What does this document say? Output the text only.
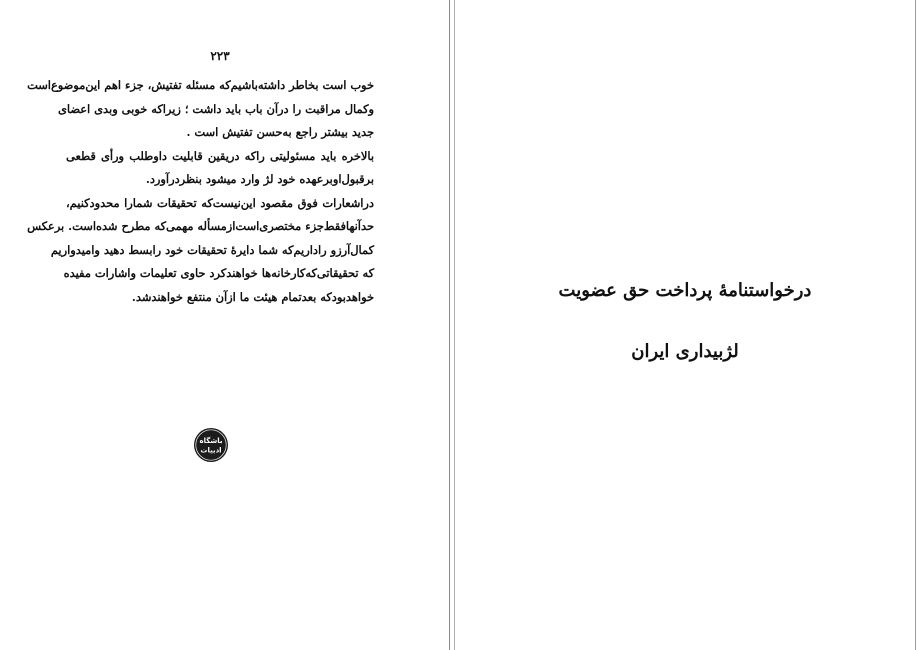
۲۲۳
خوب است بخاطر داشته‌باشیم‌که مسئله تفتیش، جزء اهم این‌موضوع‌است
وکمال مراقبت را درآن باب باید داشت ؛ زیراکه خوبی وبدی اعضای
جدید بیشتر راجع به‌حسن تفتیش است .
بالاخره باید مسئولیتی راکه دریقین قابلیت داوطلب ورأی قطعی
برقبول‌اوبرعهده خود لژ وارد میشود بنظردرآورد.
دراشعارات فوق مقصود این‌نیست‌که تحقیقات شمارا محدودکنیم،
حدآنهافقط‌جزء مختصری‌است‌ازمسأله مهمی‌که مطرح شده‌است. برعکس
کمال‌آرزو راداریم‌که شما دایرهٔ تحقیقات خود رابسط دهید وامیدواریم
که تحقیقاتی‌که‌کارخانه‌ها خواهندکرد حاوی تعلیمات واشارات مفیده
خواهدبودکه بعدتمام هیئت ما ازآن منتفع خواهندشد.
باشگاه
ادبیات
درخواستنامهٔ پرداخت حق عضویت
لژبیداری ایران
